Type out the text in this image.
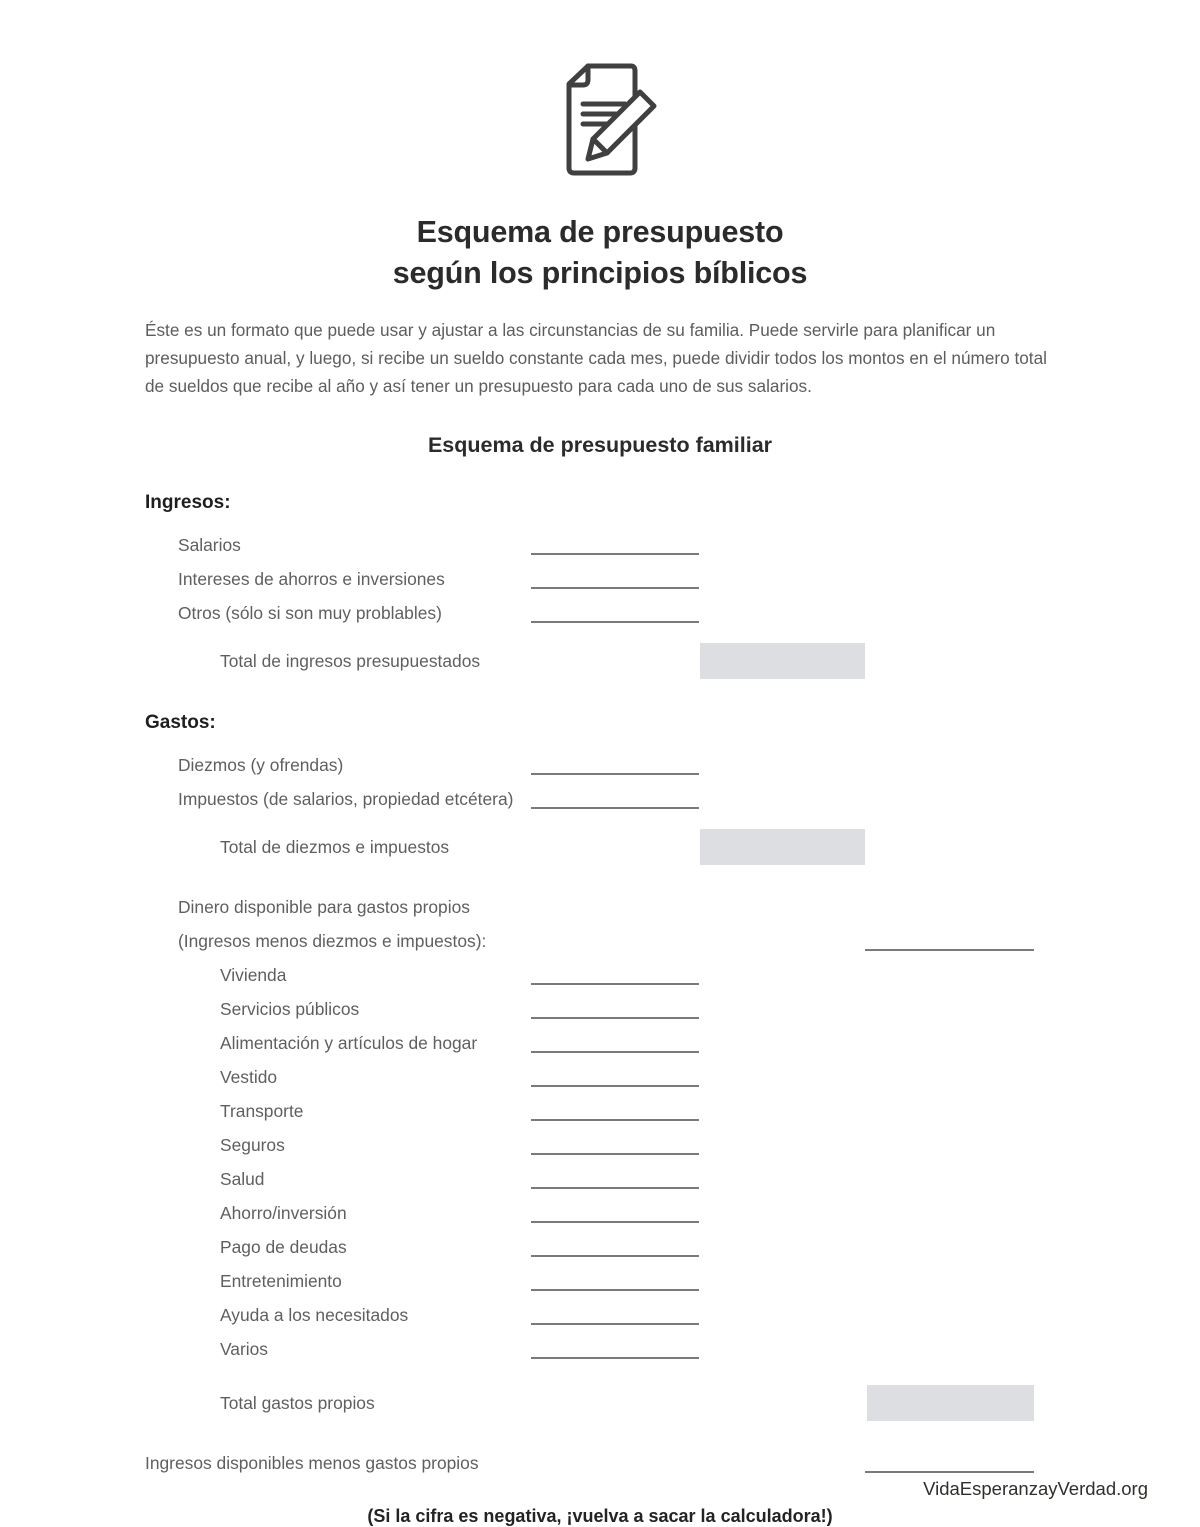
Esquema de presupuesto
según los principios bíblicos

Éste es un formato que puede usar y ajustar a las circunstancias de su familia. Puede servirle para planificar un presupuesto anual, y luego, si recibe un sueldo constante cada mes, puede dividir todos los montos en el número total de sueldos que recibe al año y así tener un presupuesto para cada uno de sus salarios.

Esquema de presupuesto familiar
Ingresos:
Salarios
Intereses de ahorros e inversiones
Otros (sólo si son muy problables)
Total de ingresos presupuestados
Gastos:
Diezmos (y ofrendas)
Impuestos (de salarios, propiedad etcétera)
Total de diezmos e impuestos
Dinero disponible para gastos propios
(Ingresos menos diezmos e impuestos):
Vivienda
Servicios públicos
Alimentación y artículos de hogar
Vestido
Transporte
Seguros
Salud
Ahorro/inversión
Pago de deudas
Entretenimiento
Ayuda a los necesitados
Varios
Total gastos propios
Ingresos disponibles menos gastos propios
(Si la cifra es negativa, ¡vuelva a sacar la calculadora!)
VidaEsperanzayVerdad.org
